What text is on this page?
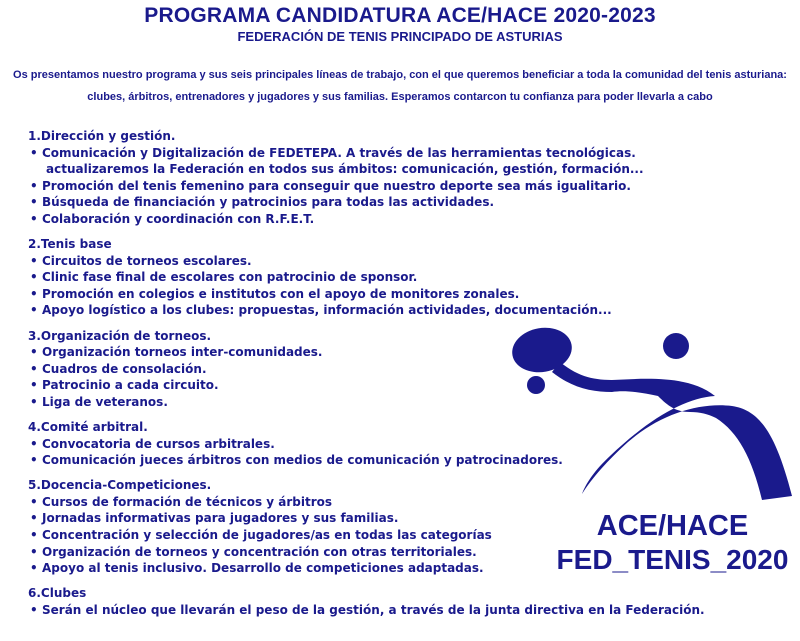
PROGRAMA CANDIDATURA ACE/HACE 2020-2023
FEDERACIÓN DE TENIS PRINCIPADO DE ASTURIAS

Os presentamos nuestro programa y sus seis principales líneas de trabajo, con el que queremos beneficiar a toda la comunidad del tenis asturiana: clubes, árbitros, entrenadores y jugadores y sus familias. Esperamos contarcon tu confianza para poder llevarla a cabo

1.Dirección y gestión.

• Comunicación y Digitalización de FEDETEPA. A través de las herramientas tecnológicas.
actualizaremos la Federación en todos sus ámbitos: comunicación, gestión, formación...
• Promoción del tenis femenino para conseguir que nuestro deporte sea más igualitario.
• Búsqueda de financiación y patrocinios para todas las actividades.
• Colaboración y coordinación con R.F.E.T.

2.Tenis base

• Circuitos de torneos escolares.
• Clinic fase final de escolares con patrocinio de sponsor.
• Promoción en colegios e institutos con el apoyo de monitores zonales.
• Apoyo logístico a los clubes: propuestas, información actividades, documentación...

3.Organización de torneos.

• Organización torneos inter-comunidades.
• Cuadros de consolación.
• Patrocinio a cada circuito.
• Liga de veteranos.

4.Comité arbitral.

• Convocatoria de cursos arbitrales.
• Comunicación jueces árbitros con medios de comunicación y patrocinadores.

5.Docencia-Competiciones.

• Cursos de formación de técnicos y árbitros
• Jornadas informativas para jugadores y sus familias.
• Concentración y selección de jugadores/as en todas las categorías
• Organización de torneos y concentración con otras territoriales.
• Apoyo al tenis inclusivo. Desarrollo de competiciones adaptadas.

6.Clubes

• Serán el núcleo que llevarán el peso de la gestión, a través de la junta directiva en la Federación.
ACE/HACE
FED_TENIS_2020
